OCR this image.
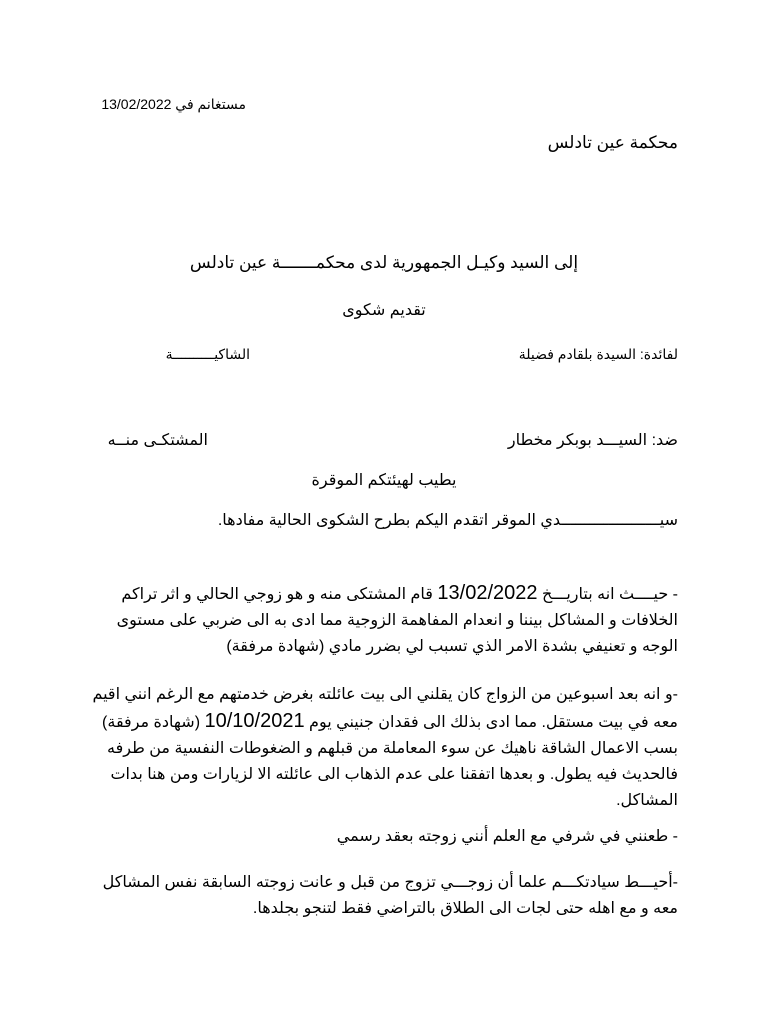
مستغانم في 13/02/2022
محكمة عين تادلس
إلى السيد وكيـل الجمهورية لدى محكمـــــــة عين تادلس
تقديم شكوى
لفائدة: السيدة بلقادم فضيلة
الشاكيــــــــــة
ضد: السيـــد بوبكر مخطار
المشتكـى منــه
يطيب لهيئتكم الموقرة
سيـــــــــــــــــــــدي الموقر اتقدم اليكم بطرح الشكوى الحالية مفادها.
- حيــــث انه بتاريـــخ 13/02/2022 قام المشتكى منه و هو زوجي الحالي و اثر تراكم
الخلافات و المشاكل بيننا و انعدام المفاهمة الزوجية مما ادى به الى ضربي على مستوى
الوجه و تعنيفي بشدة الامر الذي تسبب لي بضرر مادي (شهادة مرفقة)
-و انه بعد اسبوعين من الزواج كان يقلني الى بيت عائلته بغرض خدمتهم مع الرغم انني اقيم
معه في بيت مستقل. مما ادى بذلك الى فقدان جنيني يوم 10/10/2021 (شهادة مرفقة)
بسب الاعمال الشاقة ناهيك عن سوء المعاملة من قبلهم و الضغوطات النفسية من طرفه
فالحديث فيه يطول. و بعدها اتفقنا على عدم الذهاب الى عائلته الا لزيارات ومن هنا بدات
المشاكل.
- طعنني في شرفي مع العلم أنني زوجته بعقد رسمي
-أحيـــط سيادتكـــم علما أن زوجـــي تزوج من قبل و عانت زوجته السابقة نفس المشاكل
معه و مع اهله حتى لجات الى الطلاق بالتراضي فقط لتنجو بجلدها.
